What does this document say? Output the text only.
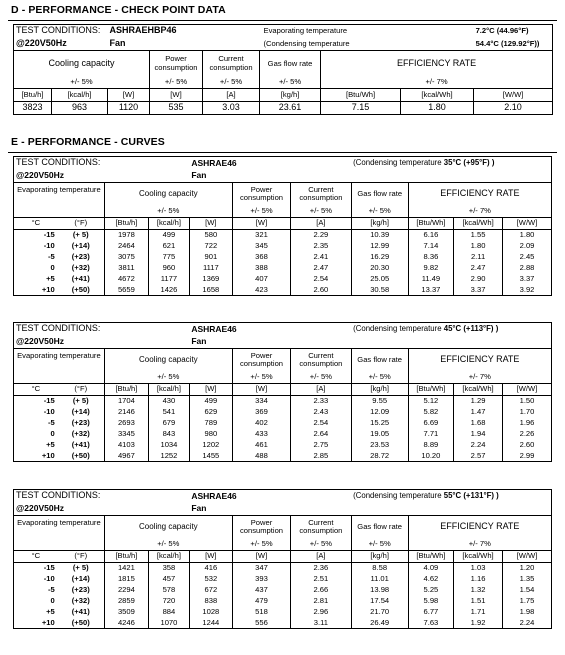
D - PERFORMANCE - CHECK POINT DATA
TEST CONDITIONS:		ASHRAEHBP46			Evaporating temperature			7.2°C (44.96°F)
@220V50Hz		Fan			(Condensing temperature			54.4°C (129.92°F))
Cooling capacity			Power consumption	Current consumption	Gas flow rate	EFFICIENCY RATE		
+/- 5%			+/- 5%	+/- 5%	+/- 5%	+/- 7%		
[Btu/h]	[kcal/h]	[W]	[W]	[A]	[kg/h]	[Btu/Wh]	[kcal/Wh]	[W/W]
3823	963	1120	535	3.03	23.61	7.15	1.80	2.10
E - PERFORMANCE - CURVES
TEST CONDITIONS:				ASHRAE46			(Condensing temperature 35°C (+95°F) )			
@220V50Hz				Fan						
Evaporating temperature		Cooling capacity			Power consumption	Current consumption	Gas flow rate	EFFICIENCY RATE		
		+/- 5%			+/- 5%	+/- 5%	+/- 5%	+/- 7%		
°C	(°F)	[Btu/h]	[kcal/h]	[W]	[W]	[A]	[kg/h]	[Btu/Wh]	[kcal/Wh]	[W/W]
-15	(+ 5)	1978	499	580	321	2.29	10.39	6.16	1.55	1.80
-10	(+14)	2464	621	722	345	2.35	12.99	7.14	1.80	2.09
-5	(+23)	3075	775	901	368	2.41	16.29	8.36	2.11	2.45
0	(+32)	3811	960	1117	388	2.47	20.30	9.82	2.47	2.88
+5	(+41)	4672	1177	1369	407	2.54	25.05	11.49	2.90	3.37
+10	(+50)	5659	1426	1658	423	2.60	30.58	13.37	3.37	3.92
TEST CONDITIONS:				ASHRAE46			(Condensing temperature 45°C (+113°F) )			
@220V50Hz				Fan						
Evaporating temperature		Cooling capacity			Power consumption	Current consumption	Gas flow rate	EFFICIENCY RATE		
		+/- 5%			+/- 5%	+/- 5%	+/- 5%	+/- 7%		
°C	(°F)	[Btu/h]	[kcal/h]	[W]	[W]	[A]	[kg/h]	[Btu/Wh]	[kcal/Wh]	[W/W]
-15	(+ 5)	1704	430	499	334	2.33	9.55	5.12	1.29	1.50
-10	(+14)	2146	541	629	369	2.43	12.09	5.82	1.47	1.70
-5	(+23)	2693	679	789	402	2.54	15.25	6.69	1.68	1.96
0	(+32)	3345	843	980	433	2.64	19.05	7.71	1.94	2.26
+5	(+41)	4103	1034	1202	461	2.75	23.53	8.89	2.24	2.60
+10	(+50)	4967	1252	1455	488	2.85	28.72	10.20	2.57	2.99
TEST CONDITIONS:				ASHRAE46			(Condensing temperature 55°C (+131°F) )			
@220V50Hz				Fan						
Evaporating temperature		Cooling capacity			Power consumption	Current consumption	Gas flow rate	EFFICIENCY RATE		
		+/- 5%			+/- 5%	+/- 5%	+/- 5%	+/- 7%		
°C	(°F)	[Btu/h]	[kcal/h]	[W]	[W]	[A]	[kg/h]	[Btu/Wh]	[kcal/Wh]	[W/W]
-15	(+ 5)	1421	358	416	347	2.36	8.58	4.09	1.03	1.20
-10	(+14)	1815	457	532	393	2.51	11.01	4.62	1.16	1.35
-5	(+23)	2294	578	672	437	2.66	13.98	5.25	1.32	1.54
0	(+32)	2859	720	838	479	2.81	17.54	5.98	1.51	1.75
+5	(+41)	3509	884	1028	518	2.96	21.70	6.77	1.71	1.98
+10	(+50)	4246	1070	1244	556	3.11	26.49	7.63	1.92	2.24
